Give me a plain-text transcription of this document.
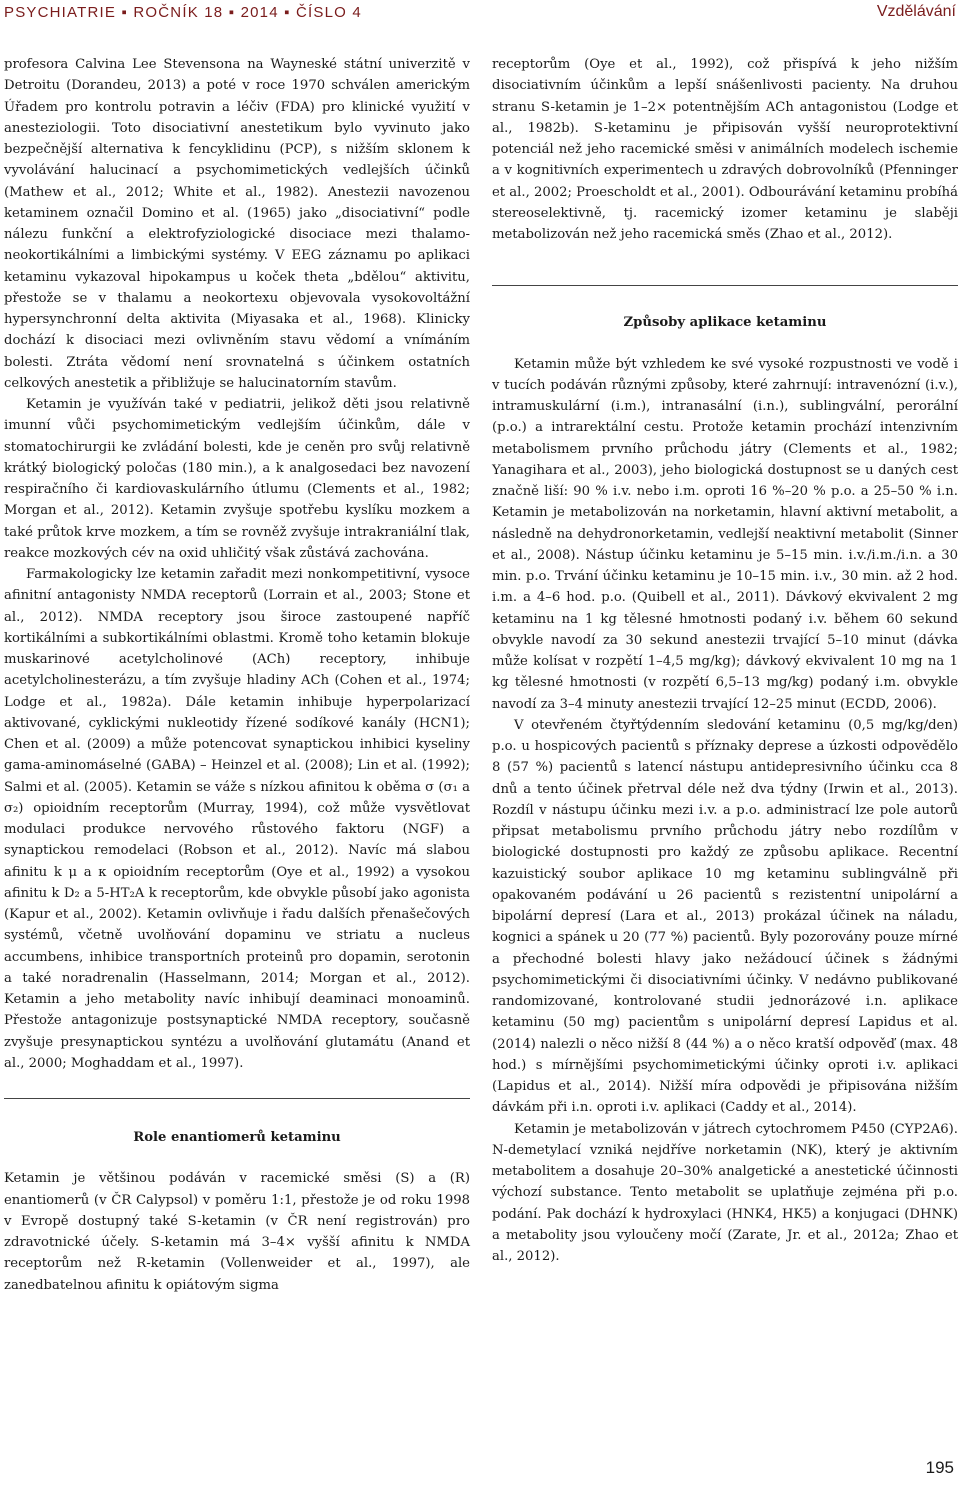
PSYCHIATRIE ▪ ROČNÍK 18 ▪ 2014 ▪ ČÍSLO 4	Vzdělávání

profesora Calvina Lee Stevensona na Wayneské státní univerzitě v Detroitu (Dorandeu, 2013) a poté v roce 1970 schválen americkým Úřadem pro kontrolu potravin a léčiv (FDA) pro klinické využití v anesteziologii. Toto disociativní anestetikum bylo vyvinuto jako bezpečnější alternativa k fencyklidinu (PCP), s nižším sklonem k vyvolávání halucinací a psychomimetických vedlejších účinků (Mathew et al., 2012; White et al., 1982). Anestezii navozenou ketaminem označil Domino et al. (1965) jako „disociativní“ podle nálezu funkční a elektrofyziologické disociace mezi thalamo-neokortikálními a limbickými systémy. V EEG záznamu po aplikaci ketaminu vykazoval hipokampus u koček theta „bdělou“ aktivitu, přestože se v thalamu a neokortexu objevovala vysokovoltážní hypersynchronní delta aktivita (Miyasaka et al., 1968). Klinicky dochází k disociaci mezi ovlivněním stavu vědomí a vnímáním bolesti. Ztráta vědomí není srovnatelná s účinkem ostatních celkových anestetik a přibližuje se halucinatorním stavům.

Ketamin je využíván také v pediatrii, jelikož děti jsou relativně imunní vůči psychomimetickým vedlejším účinkům, dále v stomatochirurgii ke zvládání bolesti, kde je ceněn pro svůj relativně krátký biologický poločas (180 min.), a k analgosedaci bez navození respiračního či kardiovaskulárního útlumu (Clements et al., 1982; Morgan et al., 2012). Ketamin zvyšuje spotřebu kyslíku mozkem a také průtok krve mozkem, a tím se rovněž zvyšuje intrakraniální tlak, reakce mozkových cév na oxid uhličitý však zůstává zachována.

Farmakologicky lze ketamin zařadit mezi nonkompetitivní, vysoce afinitní antagonisty NMDA receptorů (Lorrain et al., 2003; Stone et al., 2012). NMDA receptory jsou široce zastoupené napříč kortikálními a subkortikálními oblastmi. Kromě toho ketamin blokuje muskarinové acetylcholinové (ACh) receptory, inhibuje acetylcholinesterázu, a tím zvyšuje hladiny ACh (Cohen et al., 1974; Lodge et al., 1982a). Dále ketamin inhibuje hyperpolarizací aktivované, cyklickými nukleotidy řízené sodíkové kanály (HCN1); Chen et al. (2009) a může potencovat synaptickou inhibici kyseliny gama-aminomáselné (GABA) – Heinzel et al. (2008); Lin et al. (1992); Salmi et al. (2005). Ketamin se váže s nízkou afinitou k oběma σ (σ₁ a σ₂) opioidním receptorům (Murray, 1994), což může vysvětlovat modulaci produkce nervového růstového faktoru (NGF) a synaptickou remodelaci (Robson et al., 2012). Navíc má slabou afinitu k μ a κ opioidním receptorům (Oye et al., 1992) a vysokou afinitu k D₂ a 5-HT₂A k receptorům, kde obvykle působí jako agonista (Kapur et al., 2002). Ketamin ovlivňuje i řadu dalších přenašečových systémů, včetně uvolňování dopaminu ve striatu a nucleus accumbens, inhibice transportních proteinů pro dopamin, serotonin a také noradrenalin (Hasselmann, 2014; Morgan et al., 2012). Ketamin a jeho metabolity navíc inhibují deaminaci monoaminů. Přestože antagonizuje postsynaptické NMDA receptory, současně zvyšuje presynaptickou syntézu a uvolňování glutamátu (Anand et al., 2000; Moghaddam et al., 1997).

Role enantiomerů ketaminu

Ketamin je většinou podáván v racemické směsi (S) a (R) enantiomerů (v ČR Calypsol) v poměru 1:1, přestože je od roku 1998 v Evropě dostupný také S-ketamin (v ČR není registrován) pro zdravotnické účely. S-ketamin má 3–4× vyšší afinitu k NMDA receptorům než R-ketamin (Vollenweider et al., 1997), ale zanedbatelnou afinitu k opiátovým sigma

receptorům (Oye et al., 1992), což přispívá k jeho nižším disociativním účinkům a lepší snášenlivosti pacienty. Na druhou stranu S-ketamin je 1–2× potentnějším ACh antagonistou (Lodge et al., 1982b). S-ketaminu je připisován vyšší neuroprotektivní potenciál než jeho racemické směsi v animálních modelech ischemie a v kognitivních experimentech u zdravých dobrovolníků (Pfenninger et al., 2002; Proescholdt et al., 2001). Odbourávání ketaminu probíhá stereoselektivně, tj. racemický izomer ketaminu je slaběji metabolizován než jeho racemická směs (Zhao et al., 2012).

Způsoby aplikace ketaminu

Ketamin může být vzhledem ke své vysoké rozpustnosti ve vodě i v tucích podáván různými způsoby, které zahrnují: intravenózní (i.v.), intramuskulární (i.m.), intranasální (i.n.), sublingvální, perorální (p.o.) a intrarektální cestu. Protože ketamin prochází intenzivním metabolismem prvního průchodu játry (Clements et al., 1982; Yanagihara et al., 2003), jeho biologická dostupnost se u daných cest značně liší: 90 % i.v. nebo i.m. oproti 16 %–20 % p.o. a 25–50 % i.n. Ketamin je metabolizován na norketamin, hlavní aktivní metabolit, a následně na dehydronorketamin, vedlejší neaktivní metabolit (Sinner et al., 2008). Nástup účinku ketaminu je 5–15 min. i.v./i.m./i.n. a 30 min. p.o. Trvání účinku ketaminu je 10–15 min. i.v., 30 min. až 2 hod. i.m. a 4–6 hod. p.o. (Quibell et al., 2011). Dávkový ekvivalent 2 mg ketaminu na 1 kg tělesné hmotnosti podaný i.v. během 60 sekund obvykle navodí za 30 sekund anestezii trvající 5–10 minut (dávka může kolísat v rozpětí 1–4,5 mg/kg); dávkový ekvivalent 10 mg na 1 kg tělesné hmotnosti (v rozpětí 6,5–13 mg/kg) podaný i.m. obvykle navodí za 3–4 minuty anestezii trvající 12–25 minut (ECDD, 2006).

V otevřeném čtyřtýdenním sledování ketaminu (0,5 mg/kg/den) p.o. u hospicových pacientů s příznaky deprese a úzkosti odpovědělo 8 (57 %) pacientů s latencí nástupu antidepresivního účinku cca 8 dnů a tento účinek přetrval déle než dva týdny (Irwin et al., 2013). Rozdíl v nástupu účinku mezi i.v. a p.o. administrací lze pole autorů připsat metabolismu prvního průchodu játry nebo rozdílům v biologické dostupnosti pro každý ze způsobu aplikace. Recentní kazuistický soubor aplikace 10 mg ketaminu sublingválně při opakovaném podávání u 26 pacientů s rezistentní unipolární a bipolární depresí (Lara et al., 2013) prokázal účinek na náladu, kognici a spánek u 20 (77 %) pacientů. Byly pozorovány pouze mírné a přechodné bolesti hlavy jako nežádoucí účinek s žádnými psychomimetickými či disociativními účinky. V nedávno publikované randomizované, kontrolované studii jednorázové i.n. aplikace ketaminu (50 mg) pacientům s unipolární depresí Lapidus et al. (2014) nalezli o něco nižší 8 (44 %) a o něco kratší odpověď (max. 48 hod.) s mírnějšími psychomimetickými účinky oproti i.v. aplikaci (Lapidus et al., 2014). Nižší míra odpovědi je připisována nižším dávkám při i.n. oproti i.v. aplikaci (Caddy et al., 2014).

Ketamin je metabolizován v játrech cytochromem P450 (CYP2A6). N-demetylací vzniká nejdříve norketamin (NK), který je aktivním metabolitem a dosahuje 20–30% analgetické a anestetické účinnosti výchozí substance. Tento metabolit se uplatňuje zejména při p.o. podání. Pak dochází k hydroxylaci (HNK4, HK5) a konjugaci (DHNK) a metabolity jsou vyloučeny močí (Zarate, Jr. et al., 2012a; Zhao et al., 2012).

195
